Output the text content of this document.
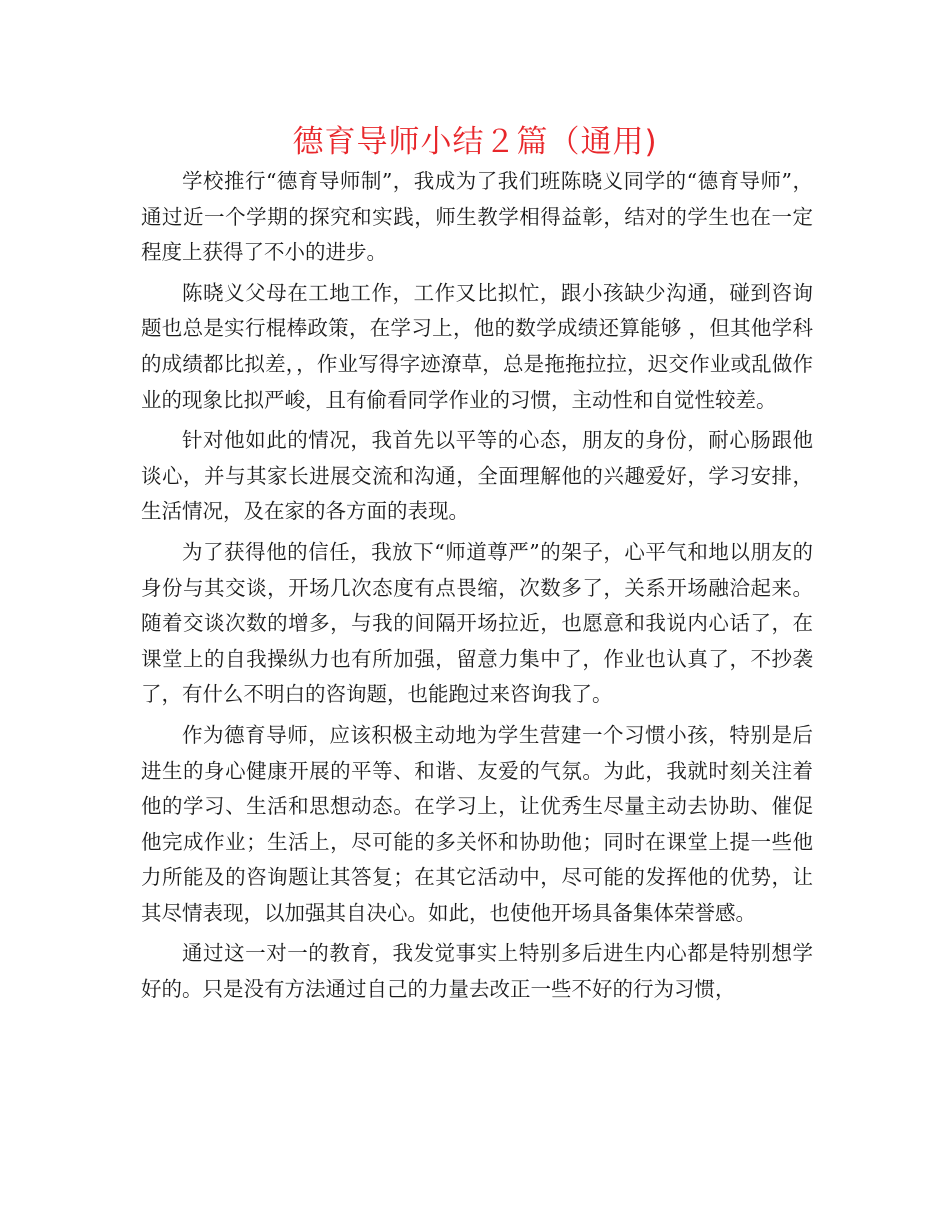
德育导师小结２篇（通用)

学校推行“德育导师制”，我成为了我们班陈晓义同学的“德育导师”，通过近一个学期的探究和实践，师生教学相得益彰，结对的学生也在一定程度上获得了不小的进步。

陈晓义父母在工地工作，工作又比拟忙，跟小孩缺少沟通，碰到咨询题也总是实行棍棒政策，在学习上，他的数学成绩还算能够 ，但其他学科的成绩都比拟差，，作业写得字迹潦草，总是拖拖拉拉，迟交作业或乱做作业的现象比拟严峻，且有偷看同学作业的习惯，主动性和自觉性较差。

针对他如此的情况，我首先以平等的心态，朋友的身份，耐心肠跟他谈心，并与其家长进展交流和沟通，全面理解他的兴趣爱好，学习安排，生活情况，及在家的各方面的表现。

为了获得他的信任，我放下“师道尊严”的架子，心平气和地以朋友的身份与其交谈，开场几次态度有点畏缩，次数多了，关系开场融洽起来。随着交谈次数的增多，与我的间隔开场拉近，也愿意和我说内心话了，在课堂上的自我操纵力也有所加强，留意力集中了，作业也认真了，不抄袭了，有什么不明白的咨询题，也能跑过来咨询我了。

作为德育导师，应该积极主动地为学生营建一个习惯小孩，特别是后进生的身心健康开展的平等、和谐、友爱的气氛。为此，我就时刻关注着他的学习、生活和思想动态。在学习上，让优秀生尽量主动去协助、催促他完成作业；生活上，尽可能的多关怀和协助他；同时在课堂上提一些他力所能及的咨询题让其答复；在其它活动中，尽可能的发挥他的优势，让其尽情表现，以加强其自决心。如此，也使他开场具备集体荣誉感。

通过这一对一的教育，我发觉事实上特别多后进生内心都是特别想学好的。只是没有方法通过自己的力量去改正一些不好的行为习惯，
